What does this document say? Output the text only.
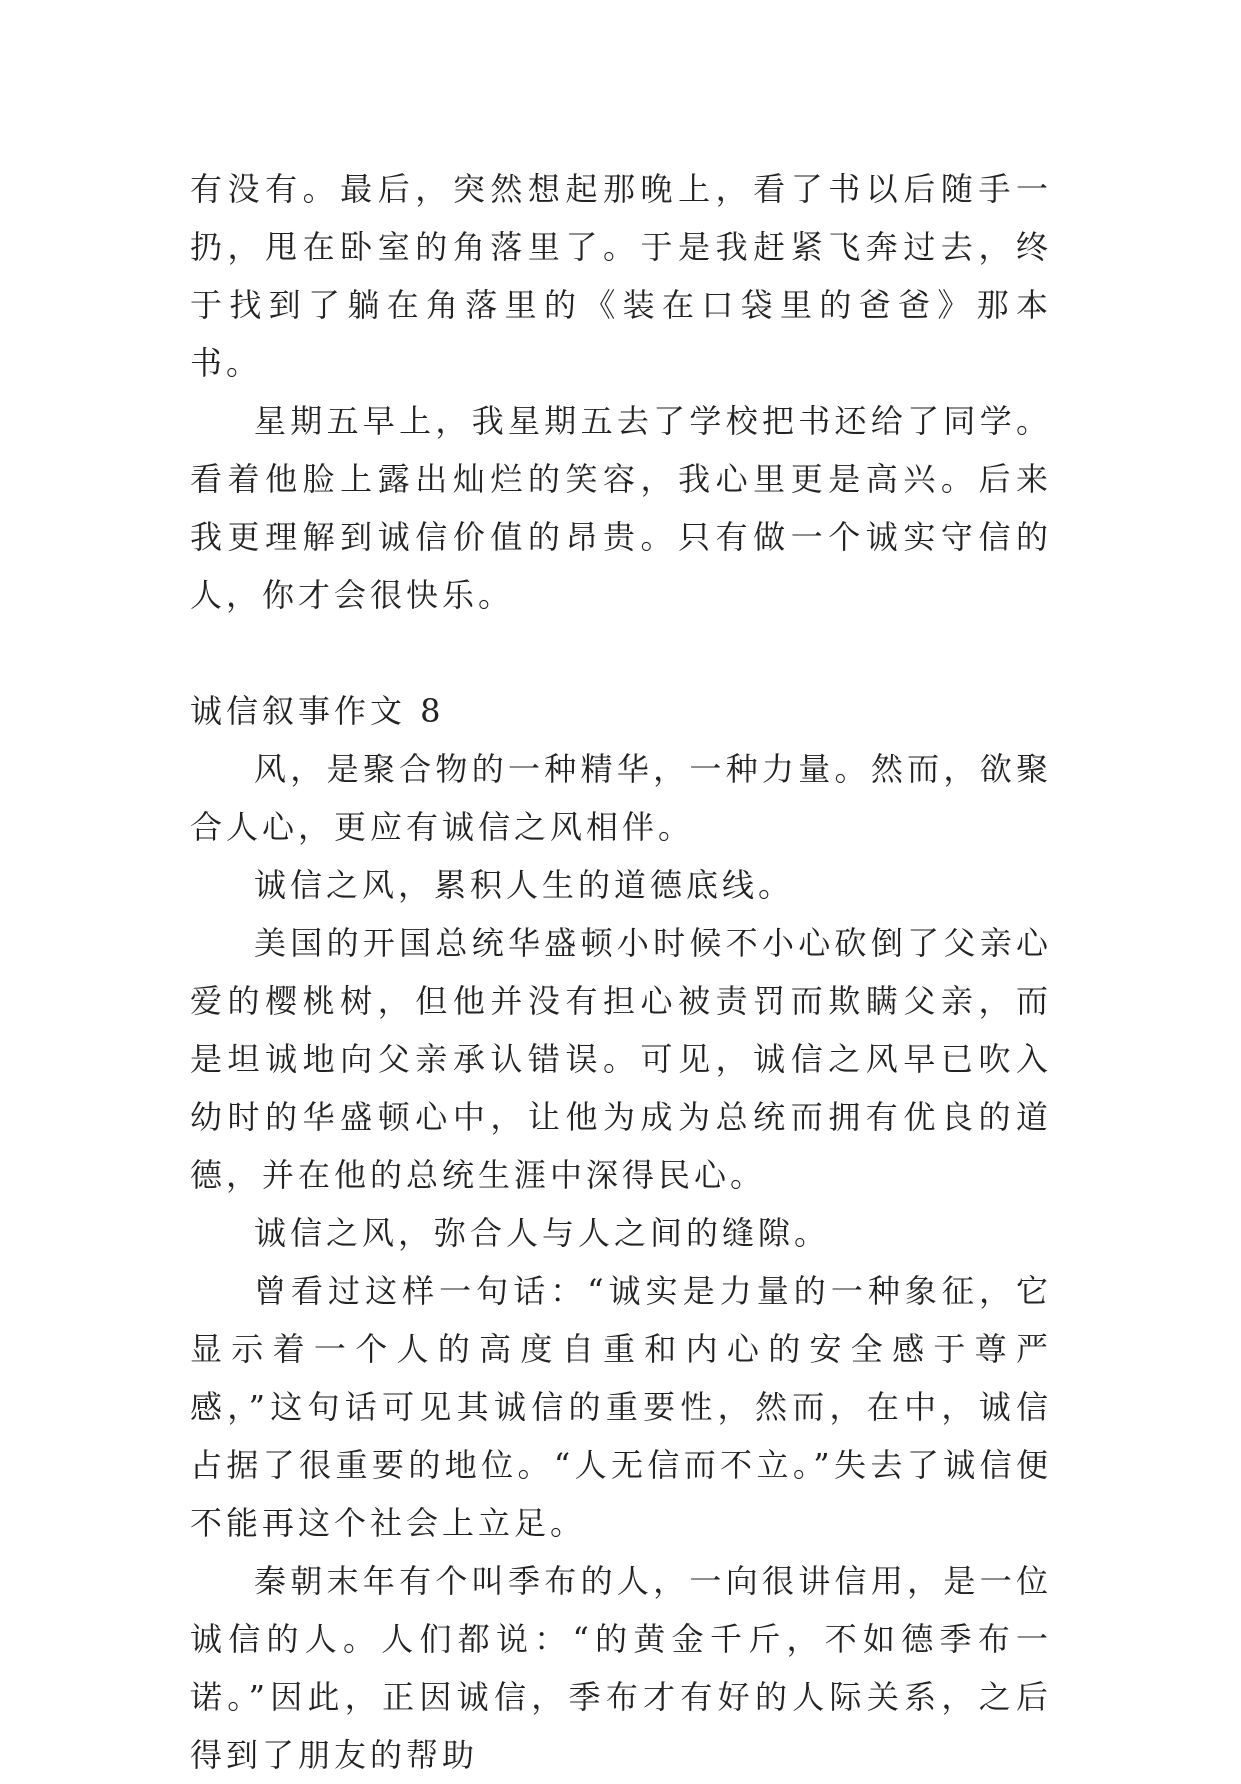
有没有。最后，突然想起那晚上，看了书以后随手一扔，甩在卧室的角落里了。于是我赶紧飞奔过去，终于找到了躺在角落里的《装在口袋里的爸爸》那本书。

星期五早上，我星期五去了学校把书还给了同学。看着他脸上露出灿烂的笑容，我心里更是高兴。后来我更理解到诚信价值的昂贵。只有做一个诚实守信的人，你才会很快乐。

诚信叙事作文 8

风，是聚合物的一种精华，一种力量。然而，欲聚合人心，更应有诚信之风相伴。

诚信之风，累积人生的道德底线。

美国的开国总统华盛顿小时候不小心砍倒了父亲心爱的樱桃树，但他并没有担心被责罚而欺瞒父亲，而是坦诚地向父亲承认错误。可见，诚信之风早已吹入幼时的华盛顿心中，让他为成为总统而拥有优良的道德，并在他的总统生涯中深得民心。

诚信之风，弥合人与人之间的缝隙。

曾看过这样一句话：“诚实是力量的一种象征，它显示着一个人的高度自重和内心的安全感于尊严感，”这句话可见其诚信的重要性，然而，在中，诚信占据了很重要的地位。“人无信而不立。”失去了诚信便不能再这个社会上立足。

秦朝末年有个叫季布的人，一向很讲信用，是一位诚信的人。人们都说：“的黄金千斤，不如德季布一诺。”因此，正因诚信，季布才有好的人际关系，之后得到了朋友的帮助
